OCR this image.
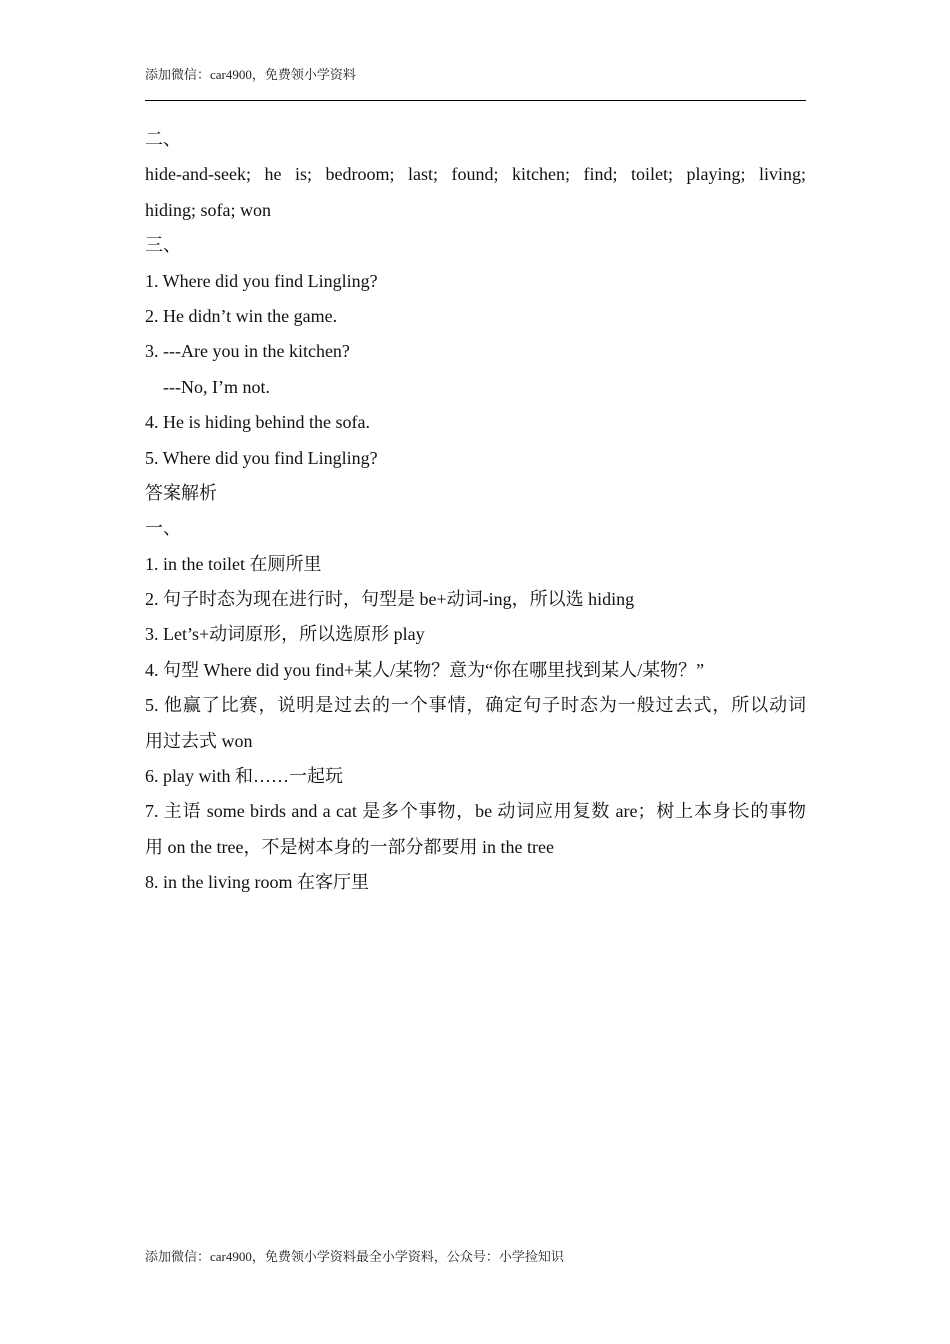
添加微信：car4900，免费领小学资料
二、
hide-and-seek; he is; bedroom; last; found; kitchen; find; toilet; playing; living;
hiding; sofa; won
三、
1. Where did you find Lingling?
2. He didn’t win the game.
3. ---Are you in the kitchen?
---No, I’m not.
4. He is hiding behind the sofa.
5. Where did you find Lingling?
答案解析
一、
1. in the toilet 在厕所里
2. 句子时态为现在进行时，句型是 be+动词-ing，所以选 hiding
3. Let’s+动词原形，所以选原形 play
4. 句型 Where did you find+某人/某物？意为“你在哪里找到某人/某物？”
5. 他赢了比赛，说明是过去的一个事情，确定句子时态为一般过去式，所以动词
用过去式 won
6. play with 和……一起玩
7. 主语 some birds and a cat 是多个事物，be 动词应用复数 are；树上本身长的事物
用 on the tree，不是树本身的一部分都要用 in the tree
8. in the living room 在客厅里
添加微信：car4900，免费领小学资料最全小学资料，公众号：小学捡知识
